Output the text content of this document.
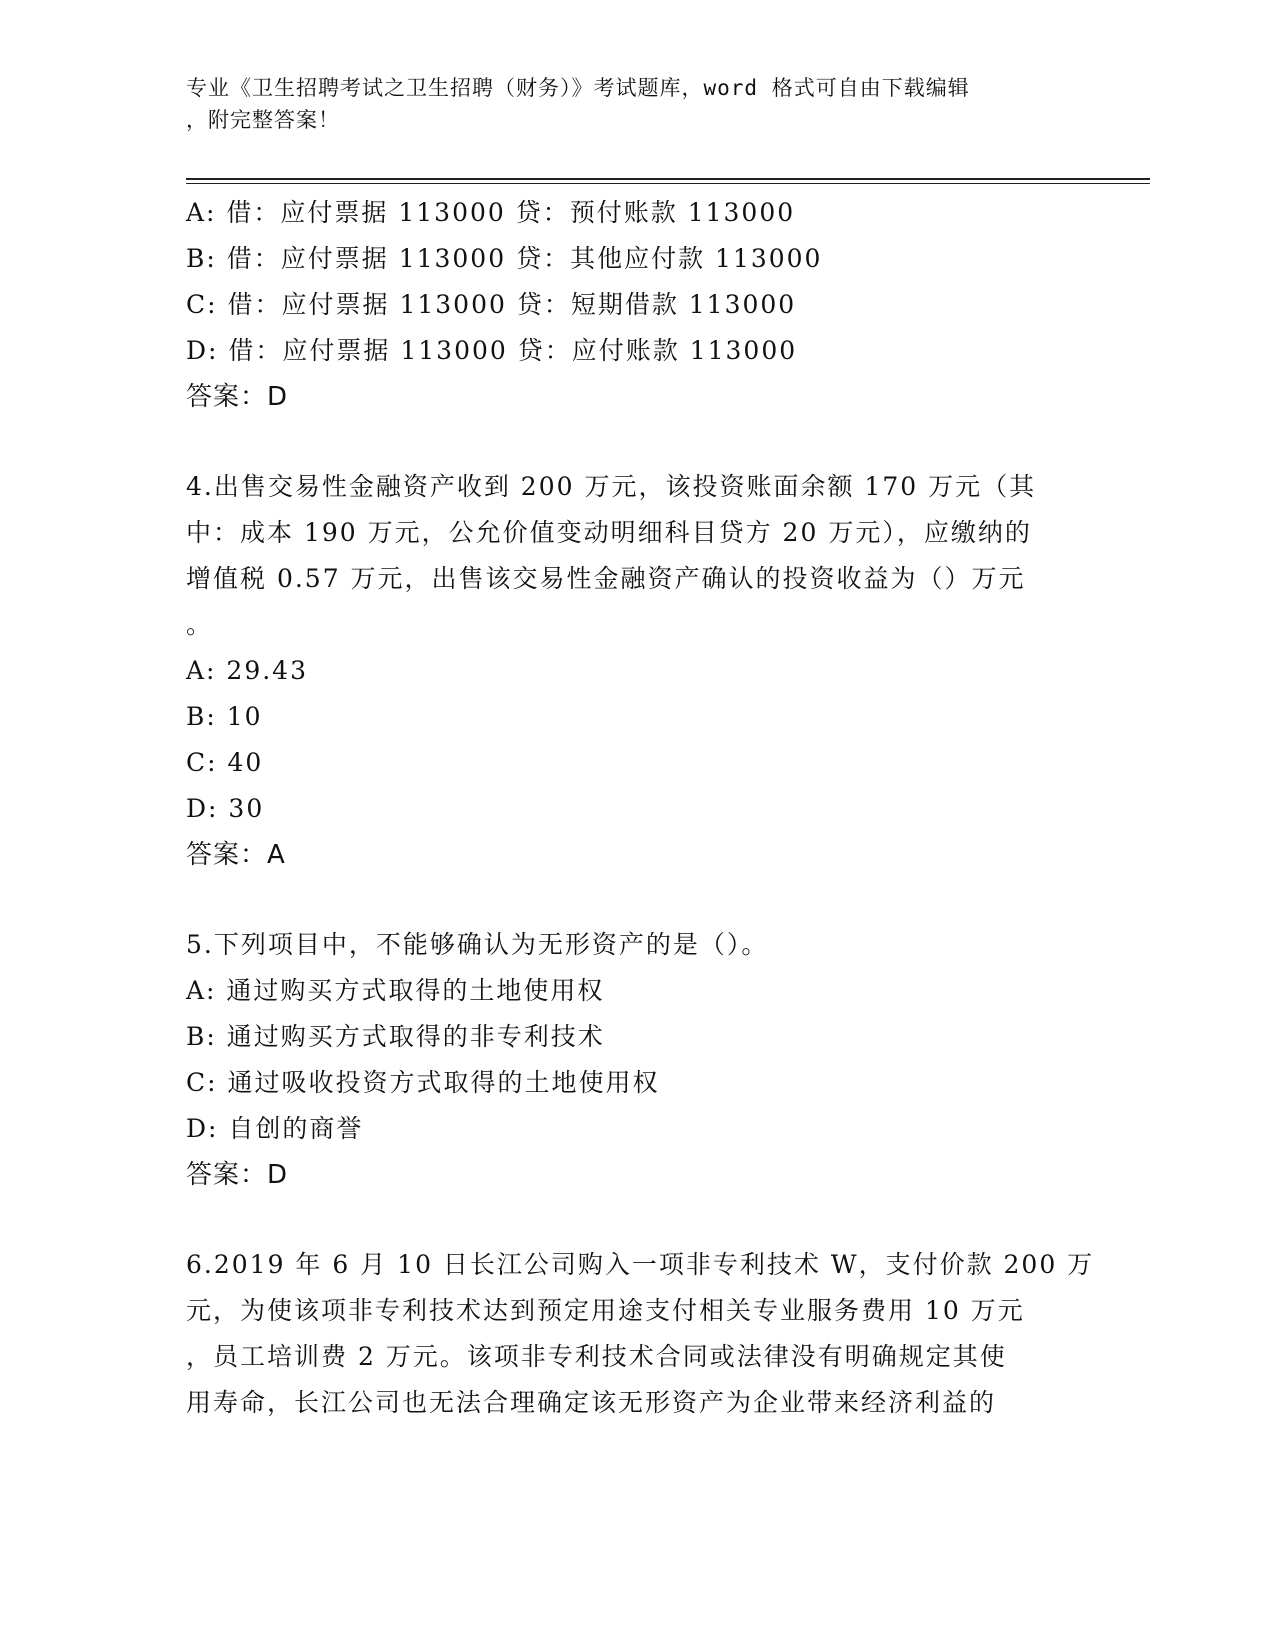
专业《卫生招聘考试之卫生招聘（财务）》考试题库，word 格式可自由下载编辑
，附完整答案！
A: 借：应付票据 113000 贷：预付账款 113000
B: 借：应付票据 113000 贷：其他应付款 113000
C: 借：应付票据 113000 贷：短期借款 113000
D: 借：应付票据 113000 贷：应付账款 113000
答案：D
4.出售交易性金融资产收到 200 万元，该投资账面余额 170 万元（其
中：成本 190 万元，公允价值变动明细科目贷方 20 万元），应缴纳的
增值税 0.57 万元，出售该交易性金融资产确认的投资收益为（）万元
。
A: 29.43
B: 10
C: 40
D: 30
答案：A
5.下列项目中，不能够确认为无形资产的是（）。
A: 通过购买方式取得的土地使用权
B: 通过购买方式取得的非专利技术
C: 通过吸收投资方式取得的土地使用权
D: 自创的商誉
答案：D
6.2019 年 6 月 10 日长江公司购入一项非专利技术 W，支付价款 200 万
元，为使该项非专利技术达到预定用途支付相关专业服务费用 10 万元
，员工培训费 2 万元。该项非专利技术合同或法律没有明确规定其使
用寿命，长江公司也无法合理确定该无形资产为企业带来经济利益的
